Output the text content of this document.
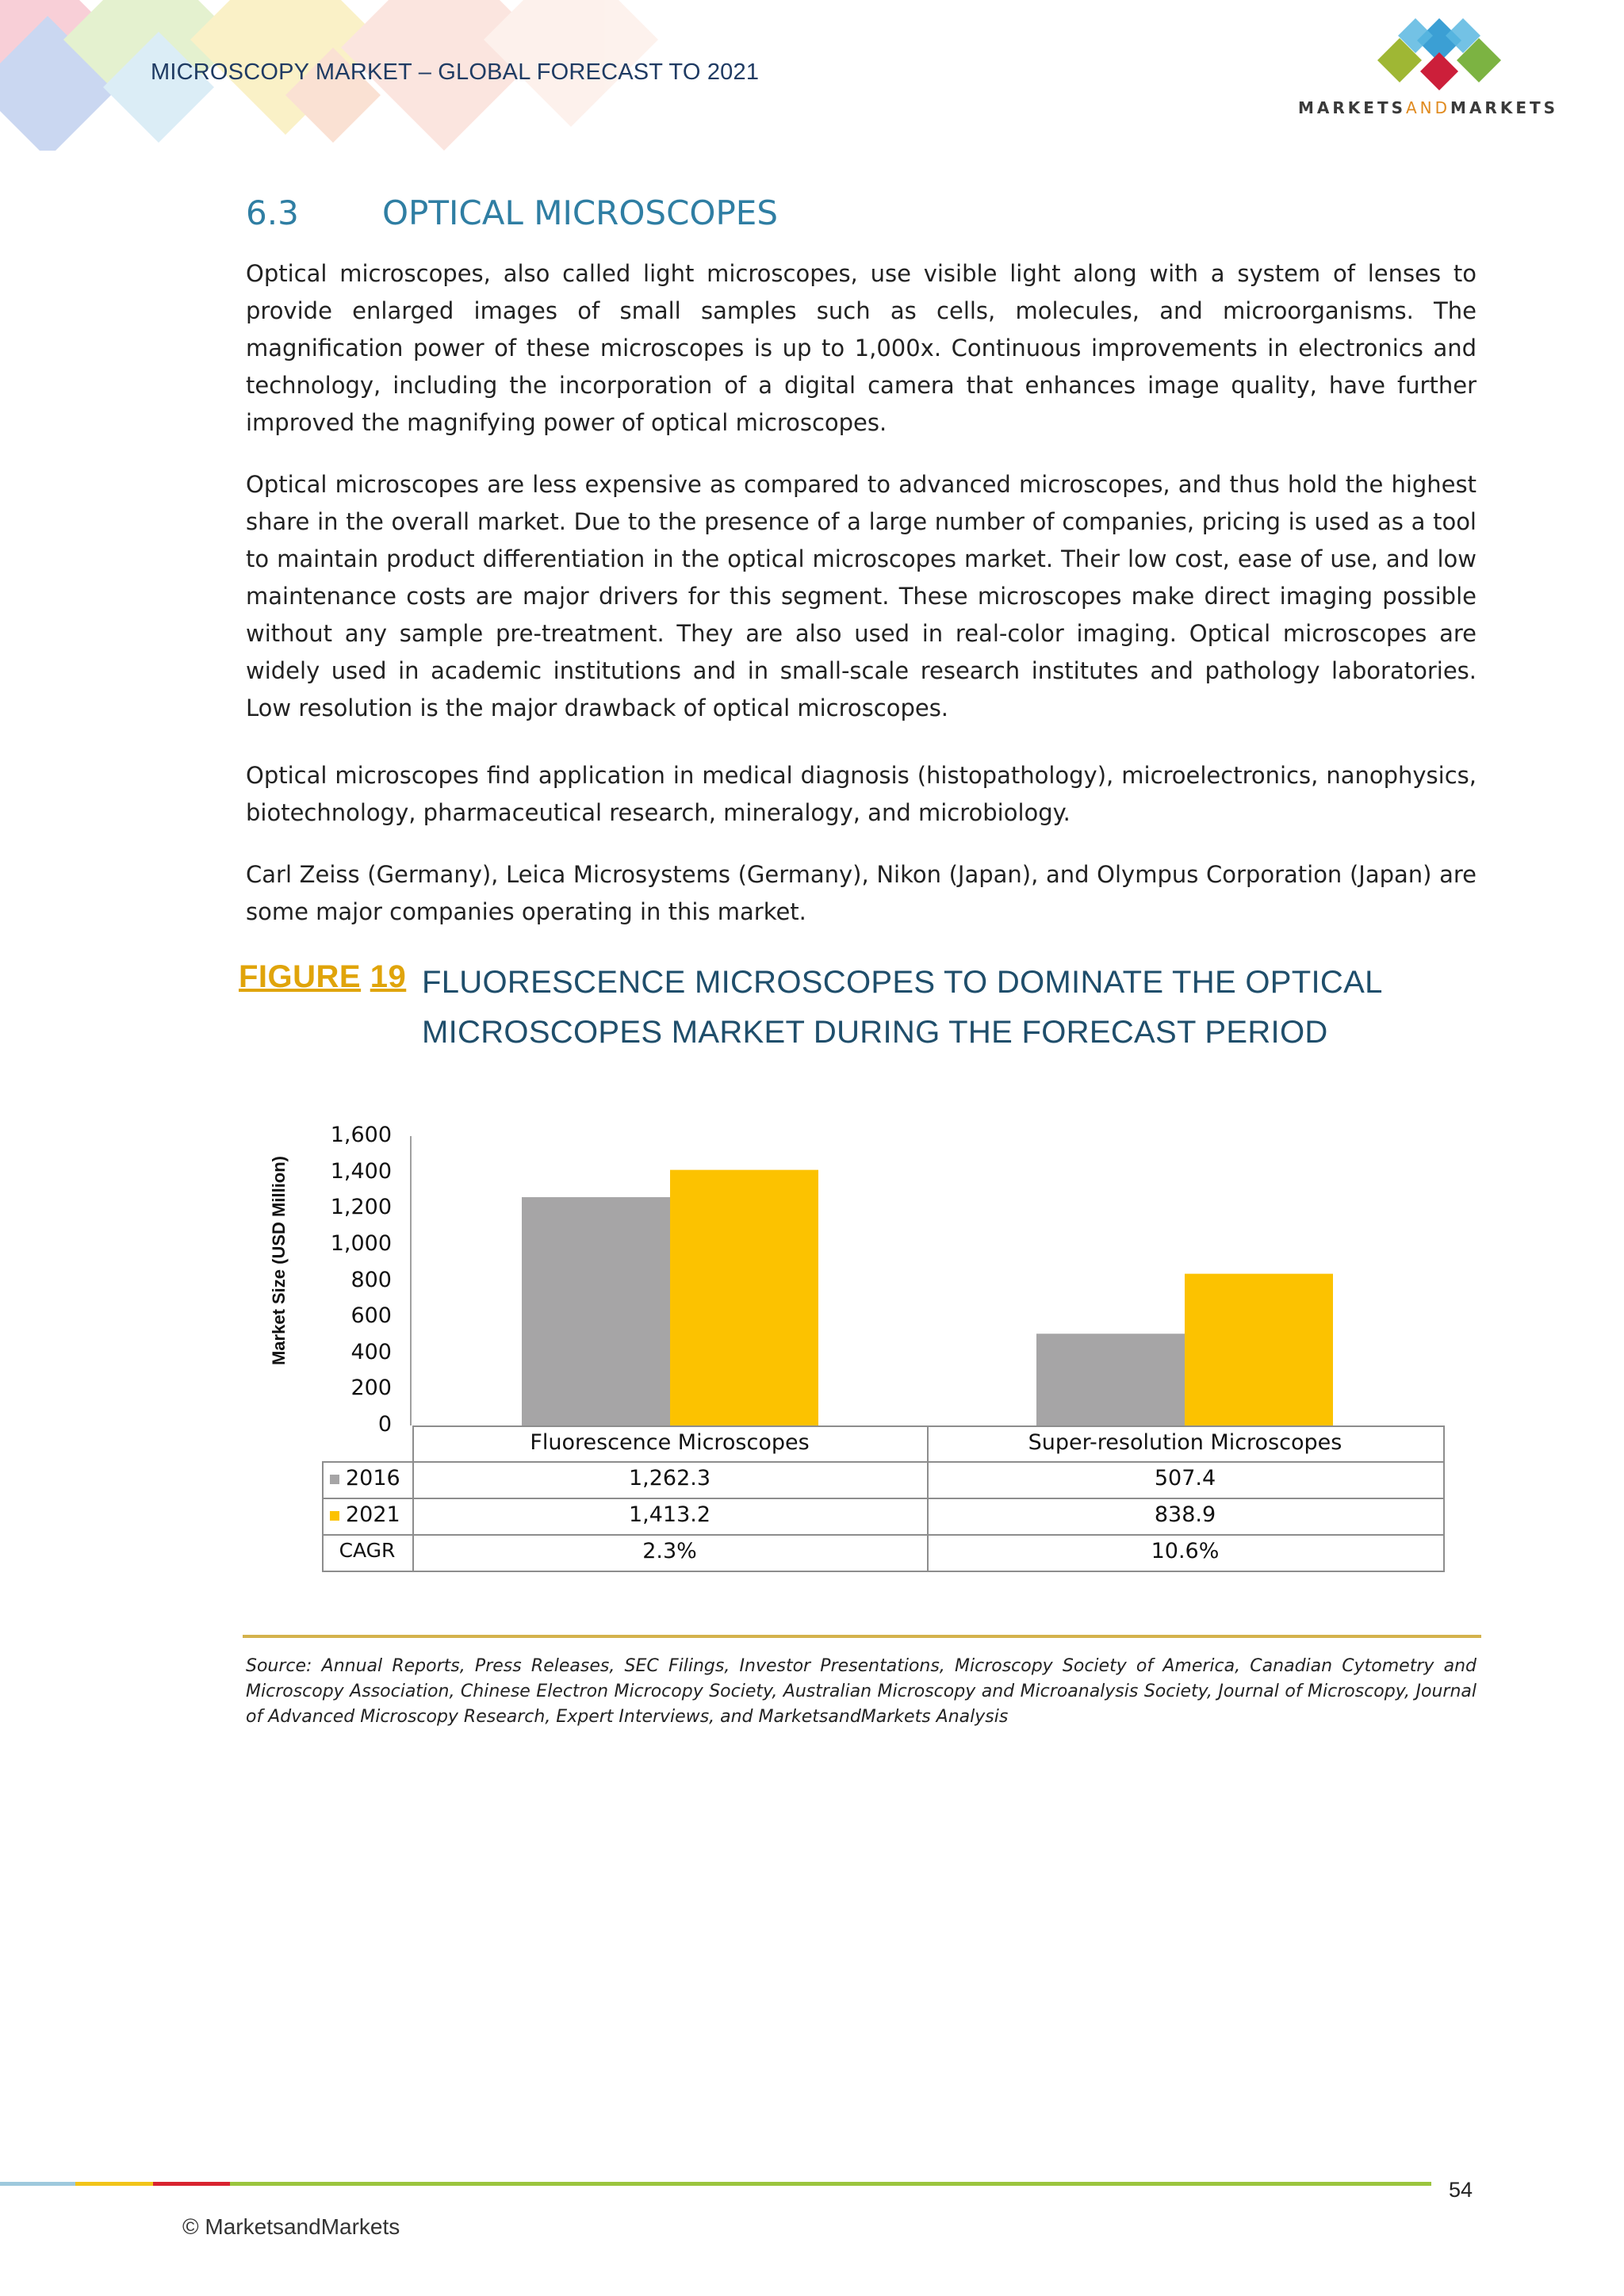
MICROSCOPY MARKET – GLOBAL FORECAST TO 2021
MARKETSANDMARKETS
6.3	OPTICAL MICROSCOPES

Optical microscopes, also called light microscopes, use visible light along with a system of lenses to provide enlarged images of small samples such as cells, molecules, and microorganisms. The magnification power of these microscopes is up to 1,000x. Continuous improvements in electronics and technology, including the incorporation of a digital camera that enhances image quality, have further improved the magnifying power of optical microscopes.

Optical microscopes are less expensive as compared to advanced microscopes, and thus hold the highest share in the overall market. Due to the presence of a large number of companies, pricing is used as a tool to maintain product differentiation in the optical microscopes market. Their low cost, ease of use, and low maintenance costs are major drivers for this segment. These microscopes make direct imaging possible without any sample pre-treatment. They are also used in real-color imaging. Optical microscopes are widely used in academic institutions and in small-scale research institutes and pathology laboratories. Low resolution is the major drawback of optical microscopes.

Optical microscopes find application in medical diagnosis (histopathology), microelectronics, nanophysics, biotechnology, pharmaceutical research, mineralogy, and microbiology.

Carl Zeiss (Germany), Leica Microsystems (Germany), Nikon (Japan), and Olympus Corporation (Japan) are some major companies operating in this market.

FIGURE 19 FLUORESCENCE MICROSCOPES TO DOMINATE THE OPTICAL MICROSCOPES MARKET DURING THE FORECAST PERIOD
Market Size (USD Million)
0
200
400
600
800
1,000
1,200
1,400
1,600
Fluorescence Microscopes	Super-resolution Microscopes
2016	1,262.3	507.4
2021	1,413.2	838.9
CAGR	2.3%	10.6%
Source: Annual Reports, Press Releases, SEC Filings, Investor Presentations, Microscopy Society of America, Canadian Cytometry and Microscopy Association, Chinese Electron Microcopy Society, Australian Microscopy and Microanalysis Society, Journal of Microscopy, Journal of Advanced Microscopy Research, Expert Interviews, and MarketsandMarkets Analysis
54
© MarketsandMarkets
